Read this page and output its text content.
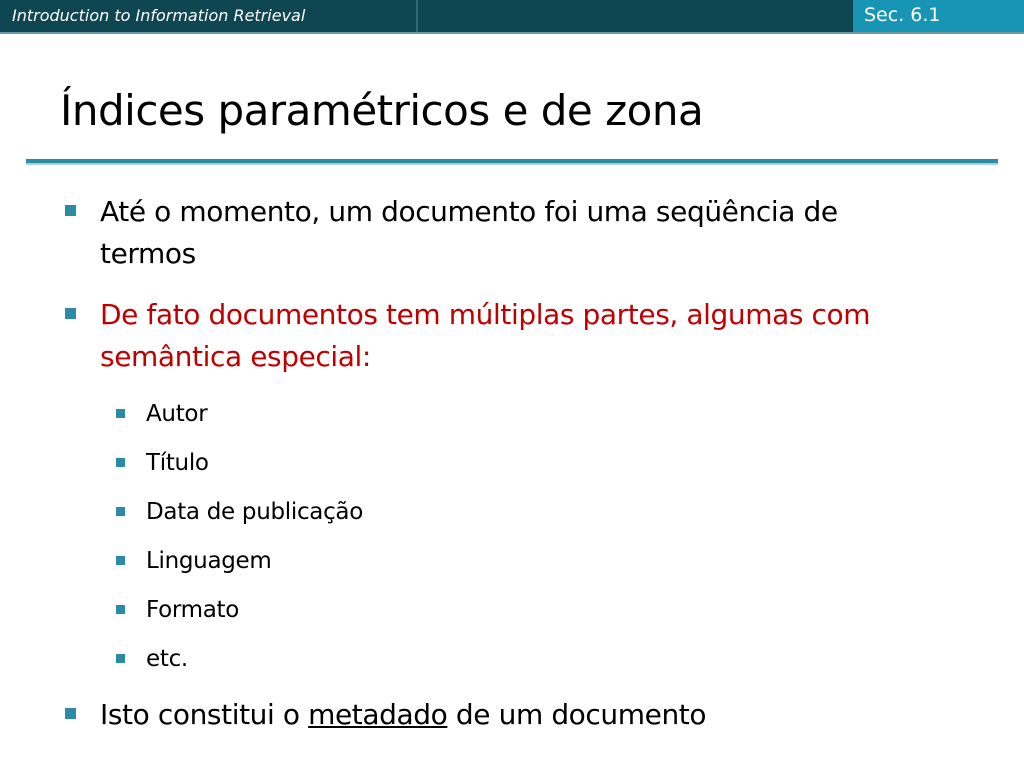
Introduction to Information Retrieval	Sec. 6.1
Índices paramétricos e de zona
Até o momento, um documento foi uma seqüência de termos
De fato documentos tem múltiplas partes, algumas com semântica especial:
Autor
Título
Data de publicação
Linguagem
Formato
etc.
Isto constitui o metadado de um documento
